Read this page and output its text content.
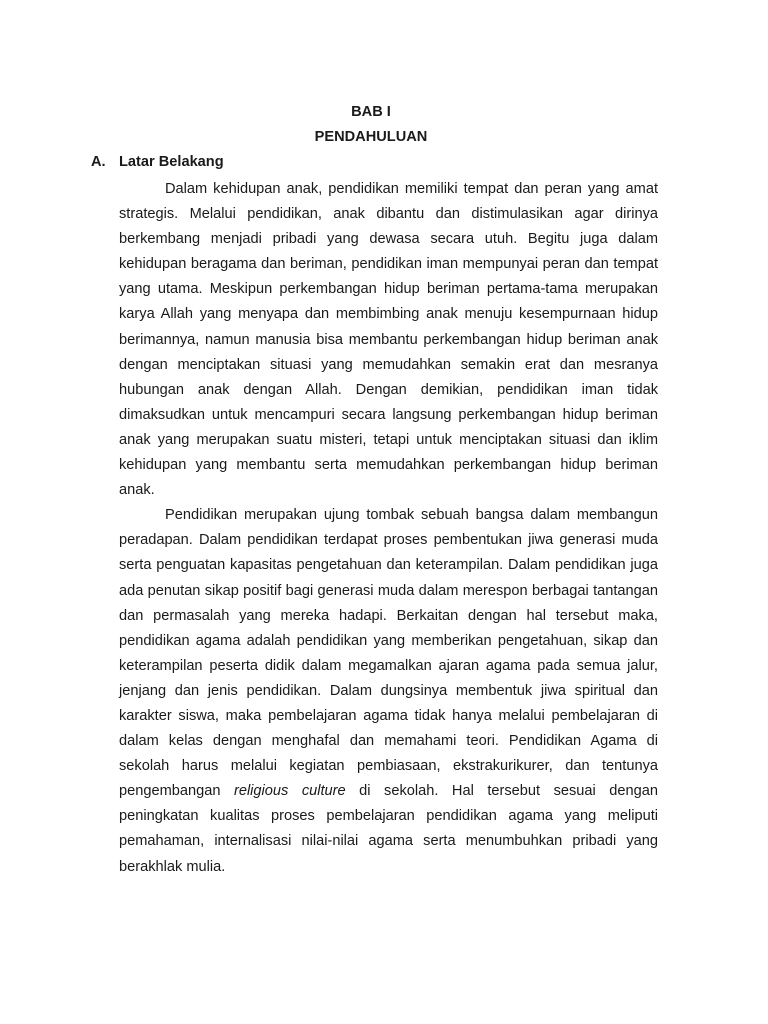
BAB I
PENDAHULUAN
A. Latar Belakang

Dalam kehidupan anak, pendidikan memiliki tempat dan peran yang amat strategis. Melalui pendidikan, anak dibantu dan distimulasikan agar dirinya berkembang menjadi pribadi yang dewasa secara utuh. Begitu juga dalam kehidupan beragama dan beriman, pendidikan iman mempunyai peran dan tempat yang utama. Meskipun perkembangan hidup beriman pertama-tama merupakan karya Allah yang menyapa dan membimbing anak menuju kesempurnaan hidup berimannya, namun manusia bisa membantu perkembangan hidup beriman anak dengan menciptakan situasi yang memudahkan semakin erat dan mesranya hubungan anak dengan Allah. Dengan demikian, pendidikan iman tidak dimaksudkan untuk mencampuri secara langsung perkembangan hidup beriman anak yang merupakan suatu misteri, tetapi untuk menciptakan situasi dan iklim kehidupan yang membantu serta memudahkan perkembangan hidup beriman anak.

Pendidikan merupakan ujung tombak sebuah bangsa dalam membangun peradapan. Dalam pendidikan terdapat proses pembentukan jiwa generasi muda serta penguatan kapasitas pengetahuan dan keterampilan. Dalam pendidikan juga ada penutan sikap positif bagi generasi muda dalam merespon berbagai tantangan dan permasalah yang mereka hadapi. Berkaitan dengan hal tersebut maka, pendidikan agama adalah pendidikan yang memberikan pengetahuan, sikap dan keterampilan peserta didik dalam megamalkan ajaran agama pada semua jalur, jenjang dan jenis pendidikan. Dalam dungsinya membentuk jiwa spiritual dan karakter siswa, maka pembelajaran agama tidak hanya melalui pembelajaran di dalam kelas dengan menghafal dan memahami teori. Pendidikan Agama di sekolah harus melalui kegiatan pembiasaan, ekstrakurikurer, dan tentunya pengembangan religious culture di sekolah. Hal tersebut sesuai dengan peningkatan kualitas proses pembelajaran pendidikan agama yang meliputi pemahaman, internalisasi nilai-nilai agama serta menumbuhkan pribadi yang berakhlak mulia.
